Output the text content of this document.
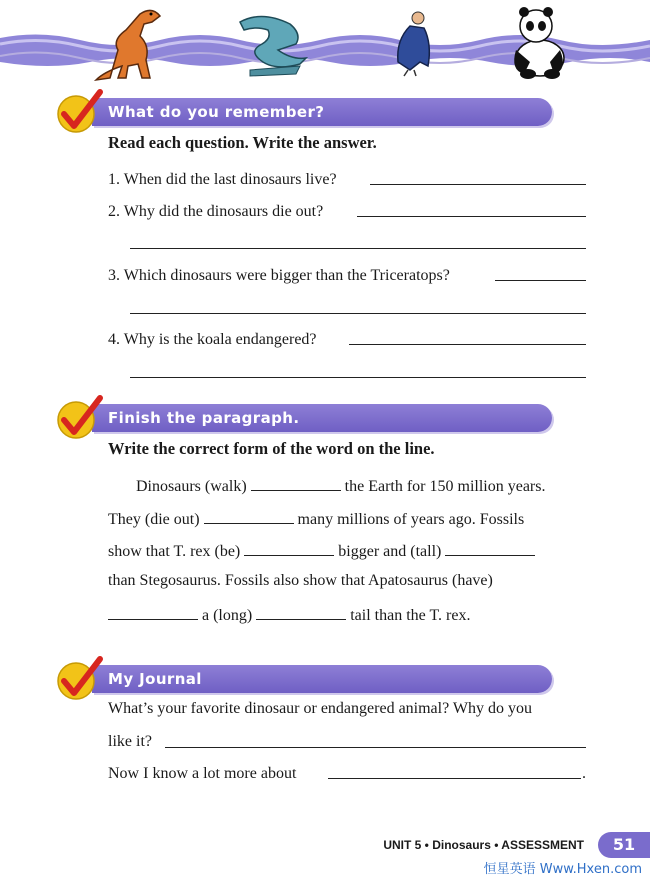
What do you remember?
Read each question. Write the answer.
1. When did the last dinosaurs live?
2. Why did the dinosaurs die out?
3. Which dinosaurs were bigger than the Triceratops?
4. Why is the koala endangered?
Finish the paragraph.
Write the correct form of the word on the line.
Dinosaurs (walk)	the Earth for 150 million years.
They (die out)	many millions of years ago. Fossils
show that T. rex (be)	bigger and (tall)
than Stegosaurus. Fossils also show that Apatosaurus (have)
a (long)	tail than the T. rex.
My Journal
What’s your favorite dinosaur or endangered animal? Why do you
like it?
Now I know a lot more about	.
UNIT 5 • Dinosaurs • ASSESSMENT	51
恒星英语 Www.Hxen.com
